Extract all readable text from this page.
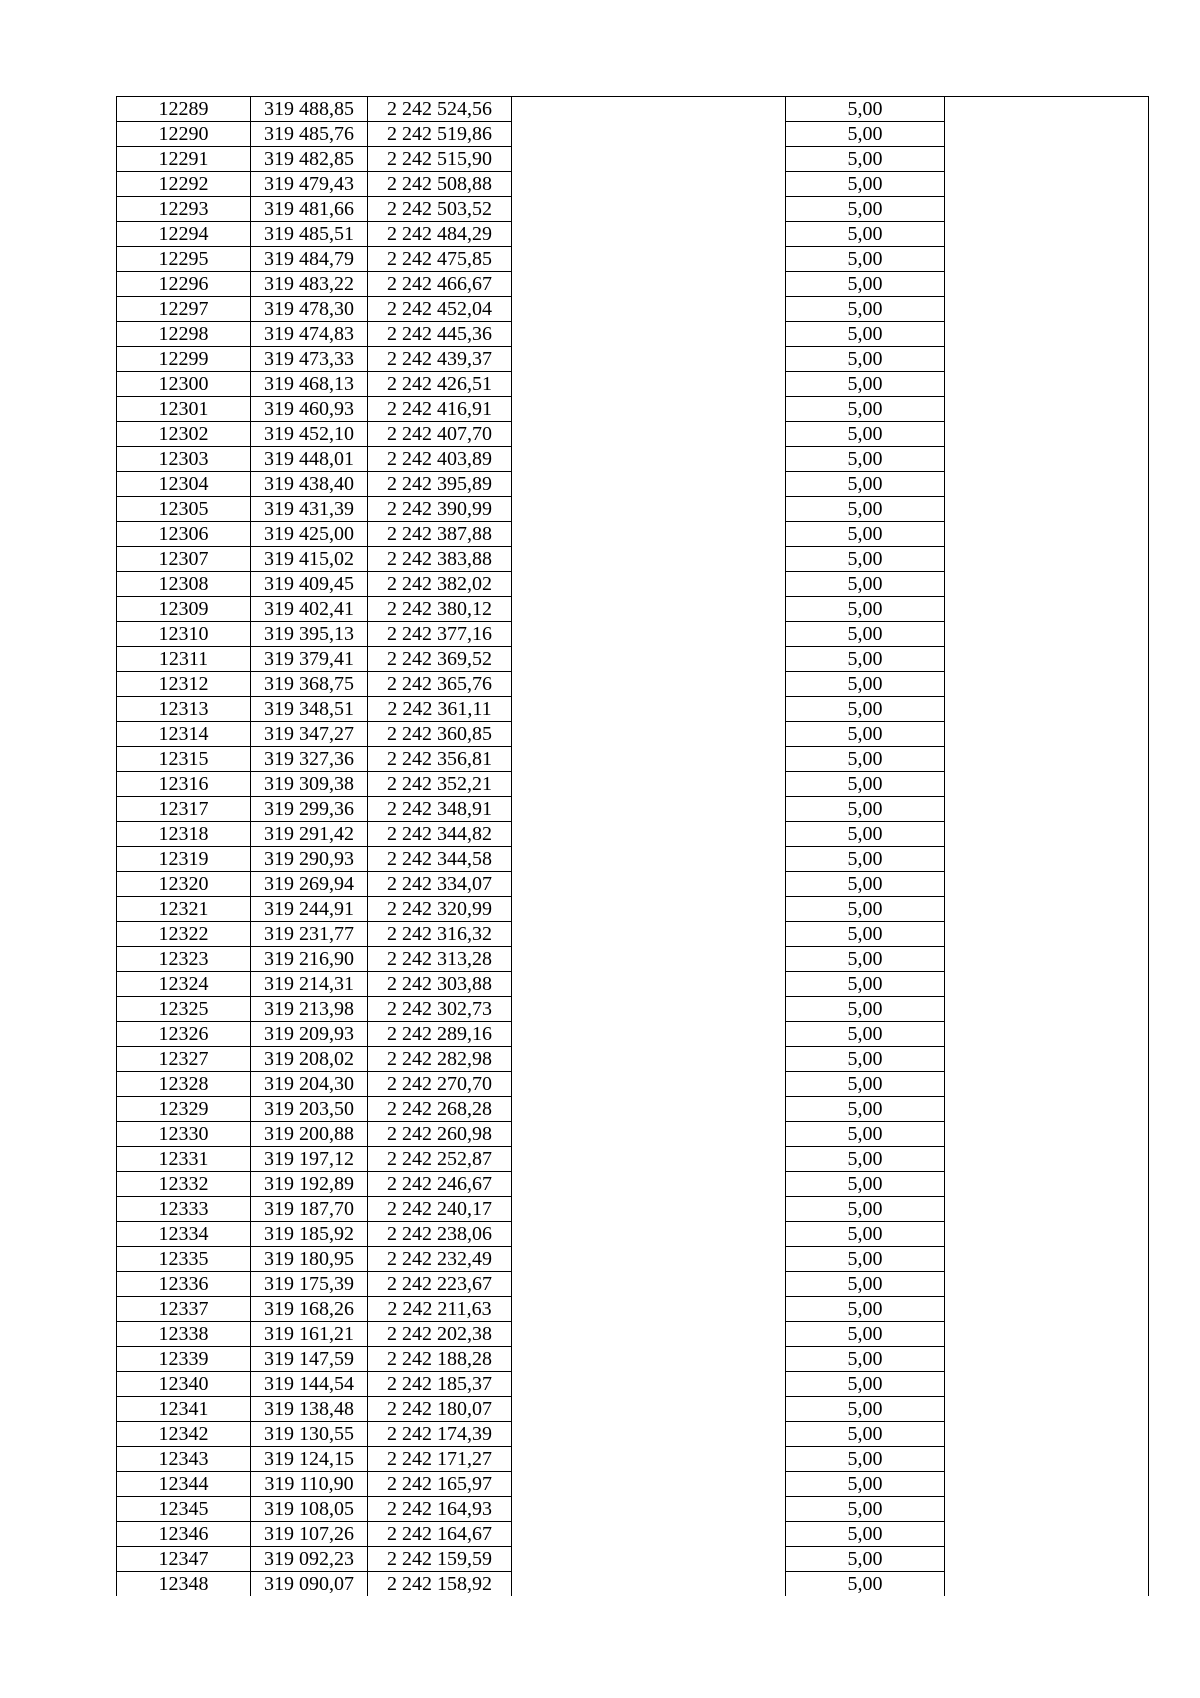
12289	319 488,85	2 242 524,56		5,00	
12290	319 485,76	2 242 519,86		5,00	
12291	319 482,85	2 242 515,90		5,00	
12292	319 479,43	2 242 508,88		5,00	
12293	319 481,66	2 242 503,52		5,00	
12294	319 485,51	2 242 484,29		5,00	
12295	319 484,79	2 242 475,85		5,00	
12296	319 483,22	2 242 466,67		5,00	
12297	319 478,30	2 242 452,04		5,00	
12298	319 474,83	2 242 445,36		5,00	
12299	319 473,33	2 242 439,37		5,00	
12300	319 468,13	2 242 426,51		5,00	
12301	319 460,93	2 242 416,91		5,00	
12302	319 452,10	2 242 407,70		5,00	
12303	319 448,01	2 242 403,89		5,00	
12304	319 438,40	2 242 395,89		5,00	
12305	319 431,39	2 242 390,99		5,00	
12306	319 425,00	2 242 387,88		5,00	
12307	319 415,02	2 242 383,88		5,00	
12308	319 409,45	2 242 382,02		5,00	
12309	319 402,41	2 242 380,12		5,00	
12310	319 395,13	2 242 377,16		5,00	
12311	319 379,41	2 242 369,52		5,00	
12312	319 368,75	2 242 365,76		5,00	
12313	319 348,51	2 242 361,11		5,00	
12314	319 347,27	2 242 360,85		5,00	
12315	319 327,36	2 242 356,81		5,00	
12316	319 309,38	2 242 352,21		5,00	
12317	319 299,36	2 242 348,91		5,00	
12318	319 291,42	2 242 344,82		5,00	
12319	319 290,93	2 242 344,58		5,00	
12320	319 269,94	2 242 334,07		5,00	
12321	319 244,91	2 242 320,99		5,00	
12322	319 231,77	2 242 316,32		5,00	
12323	319 216,90	2 242 313,28		5,00	
12324	319 214,31	2 242 303,88		5,00	
12325	319 213,98	2 242 302,73		5,00	
12326	319 209,93	2 242 289,16		5,00	
12327	319 208,02	2 242 282,98		5,00	
12328	319 204,30	2 242 270,70		5,00	
12329	319 203,50	2 242 268,28		5,00	
12330	319 200,88	2 242 260,98		5,00	
12331	319 197,12	2 242 252,87		5,00	
12332	319 192,89	2 242 246,67		5,00	
12333	319 187,70	2 242 240,17		5,00	
12334	319 185,92	2 242 238,06		5,00	
12335	319 180,95	2 242 232,49		5,00	
12336	319 175,39	2 242 223,67		5,00	
12337	319 168,26	2 242 211,63		5,00	
12338	319 161,21	2 242 202,38		5,00	
12339	319 147,59	2 242 188,28		5,00	
12340	319 144,54	2 242 185,37		5,00	
12341	319 138,48	2 242 180,07		5,00	
12342	319 130,55	2 242 174,39		5,00	
12343	319 124,15	2 242 171,27		5,00	
12344	319 110,90	2 242 165,97		5,00	
12345	319 108,05	2 242 164,93		5,00	
12346	319 107,26	2 242 164,67		5,00	
12347	319 092,23	2 242 159,59		5,00	
12348	319 090,07	2 242 158,92		5,00	
